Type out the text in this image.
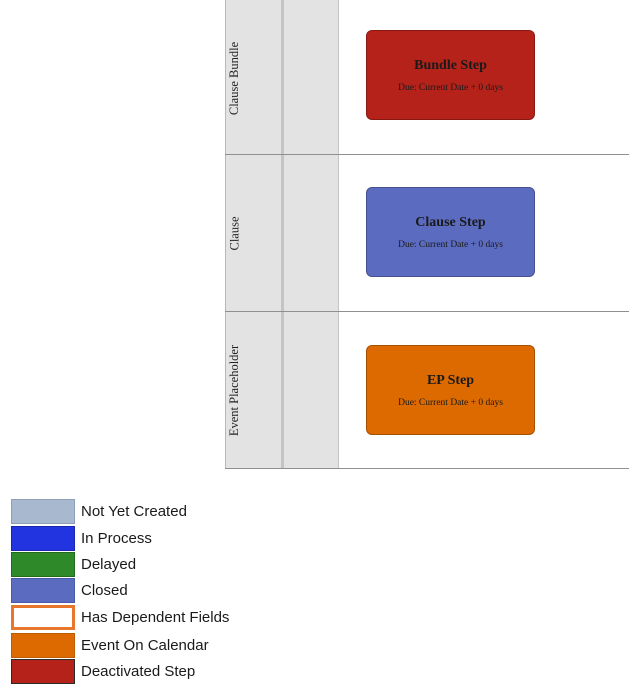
Clause Bundle	Bundle Step
Due: Current Date + 0 days
Clause	Clause Step
Due: Current Date + 0 days
Event Placeholder	EP Step
Due: Current Date + 0 days
Not Yet Created
In Process
Delayed
Closed
Has Dependent Fields
Event On Calendar
Deactivated Step
